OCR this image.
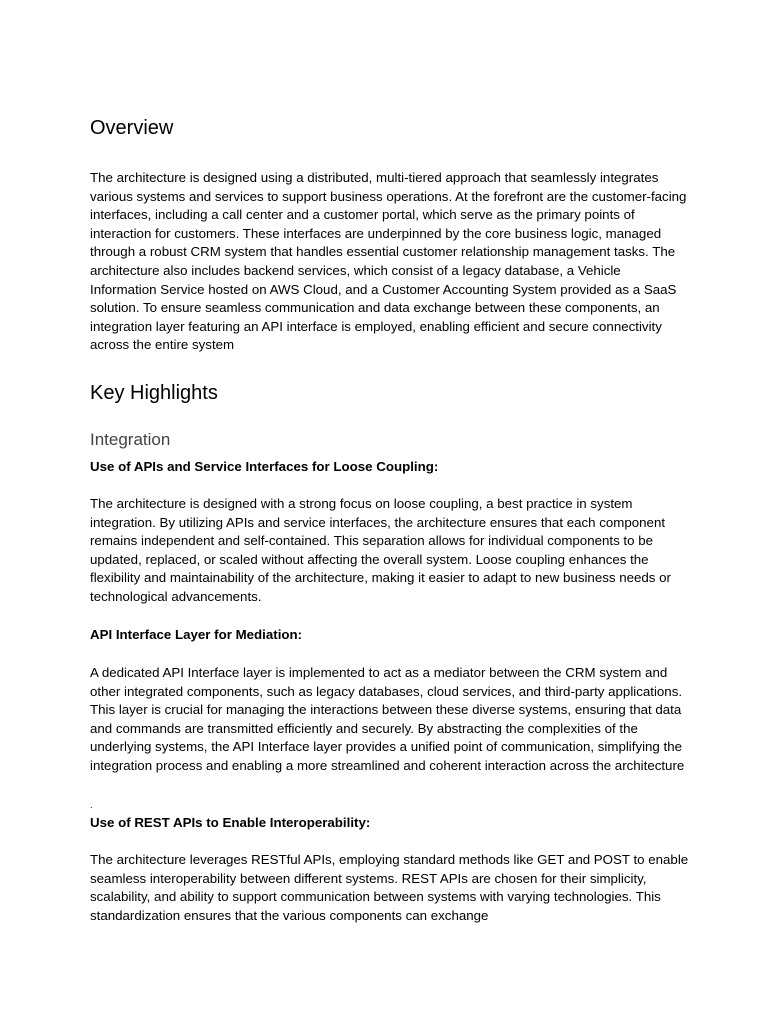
Overview

The architecture is designed using a distributed, multi-tiered approach that seamlessly integrates various systems and services to support business operations. At the forefront are the customer-facing interfaces, including a call center and a customer portal, which serve as the primary points of interaction for customers. These interfaces are underpinned by the core business logic, managed through a robust CRM system that handles essential customer relationship management tasks. The architecture also includes backend services, which consist of a legacy database, a Vehicle Information Service hosted on AWS Cloud, and a Customer Accounting System provided as a SaaS solution. To ensure seamless communication and data exchange between these components, an integration layer featuring an API interface is employed, enabling efficient and secure connectivity across the entire system

Key Highlights
Integration

Use of APIs and Service Interfaces for Loose Coupling:

The architecture is designed with a strong focus on loose coupling, a best practice in system integration. By utilizing APIs and service interfaces, the architecture ensures that each component remains independent and self-contained. This separation allows for individual components to be updated, replaced, or scaled without affecting the overall system. Loose coupling enhances the flexibility and maintainability of the architecture, making it easier to adapt to new business needs or technological advancements.

API Interface Layer for Mediation:

A dedicated API Interface layer is implemented to act as a mediator between the CRM system and other integrated components, such as legacy databases, cloud services, and third-party applications. This layer is crucial for managing the interactions between these diverse systems, ensuring that data and commands are transmitted efficiently and securely. By abstracting the complexities of the underlying systems, the API Interface layer provides a unified point of communication, simplifying the integration process and enabling a more streamlined and coherent interaction across the architecture

.

Use of REST APIs to Enable Interoperability:

The architecture leverages RESTful APIs, employing standard methods like GET and POST to enable seamless interoperability between different systems. REST APIs are chosen for their simplicity, scalability, and ability to support communication between systems with varying technologies. This standardization ensures that the various components can exchange
